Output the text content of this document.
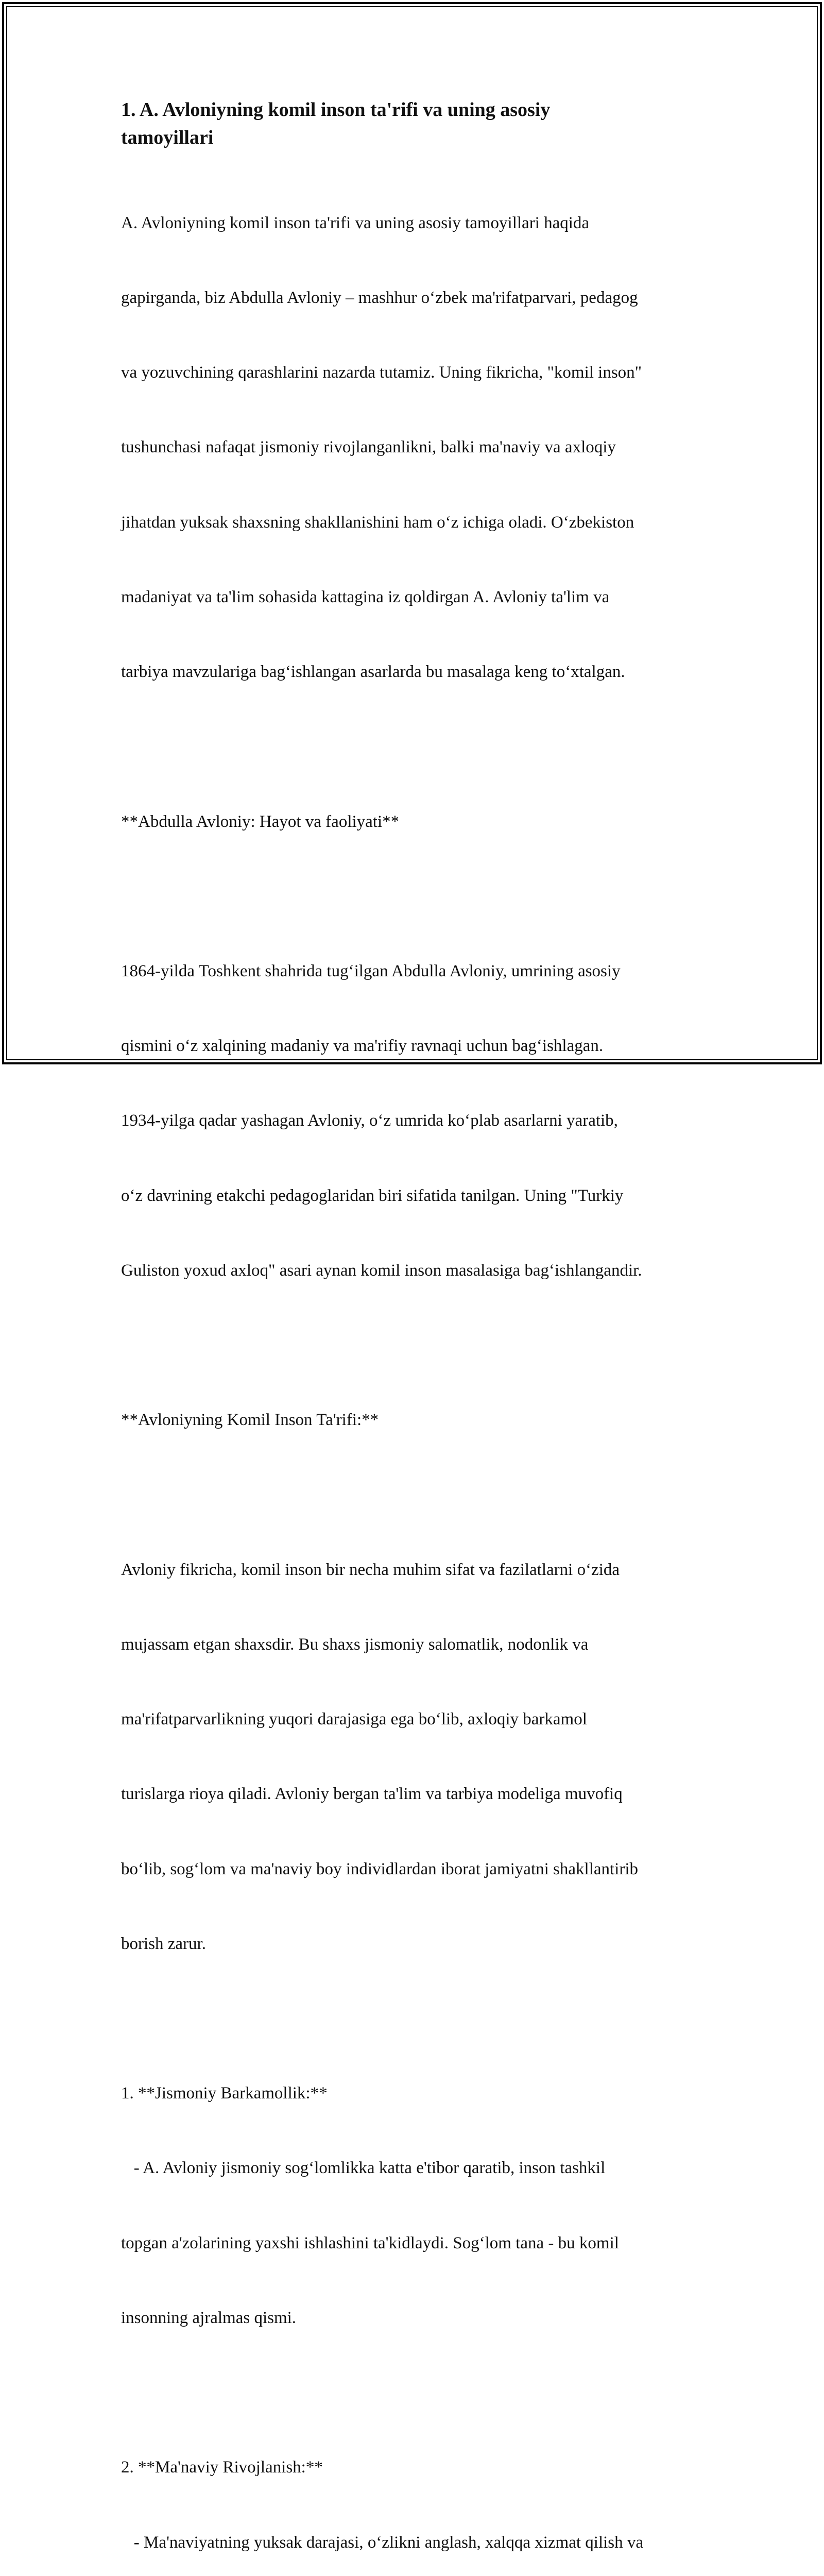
1. A. Avloniyning komil inson ta'rifi va uning asosiy
tamoyillari

A. Avloniyning komil inson ta'rifi va uning asosiy tamoyillari haqida

gapirganda, biz Abdulla Avloniy – mashhur oʻzbek ma'rifatparvari, pedagog

va yozuvchining qarashlarini nazarda tutamiz. Uning fikricha, "komil inson"

tushunchasi nafaqat jismoniy rivojlanganlikni, balki ma'naviy va axloqiy

jihatdan yuksak shaxsning shakllanishini ham oʻz ichiga oladi. Oʻzbekiston

madaniyat va ta'lim sohasida kattagina iz qoldirgan A. Avloniy ta'lim va

tarbiya mavzulariga bagʻishlangan asarlarda bu masalaga keng toʻxtalgan.

**Abdulla Avloniy: Hayot va faoliyati**

1864-yilda Toshkent shahrida tugʻilgan Abdulla Avloniy, umrining asosiy

qismini oʻz xalqining madaniy va ma'rifiy ravnaqi uchun bagʻishlagan.

1934-yilga qadar yashagan Avloniy, oʻz umrida koʻplab asarlarni yaratib,

oʻz davrining etakchi pedagoglaridan biri sifatida tanilgan. Uning "Turkiy

Guliston yoxud axloq" asari aynan komil inson masalasiga bagʻishlangandir.

**Avloniyning Komil Inson Ta'rifi:**

Avloniy fikricha, komil inson bir necha muhim sifat va fazilatlarni oʻzida

mujassam etgan shaxsdir. Bu shaxs jismoniy salomatlik, nodonlik va

ma'rifatparvarlikning yuqori darajasiga ega boʻlib, axloqiy barkamol

turislarga rioya qiladi. Avloniy bergan ta'lim va tarbiya modeliga muvofiq

boʻlib, sogʻlom va ma'naviy boy individlardan iborat jamiyatni shakllantirib

borish zarur.

1. **Jismoniy Barkamollik:**

- A. Avloniy jismoniy sogʻlomlikka katta e'tibor qaratib, inson tashkil

topgan a'zolarining yaxshi ishlashini ta'kidlaydi. Sogʻlom tana - bu komil

insonning ajralmas qismi.

2. **Ma'naviy Rivojlanish:**

- Ma'naviyatning yuksak darajasi, oʻzlikni anglash, xalqqa xizmat qilish va
